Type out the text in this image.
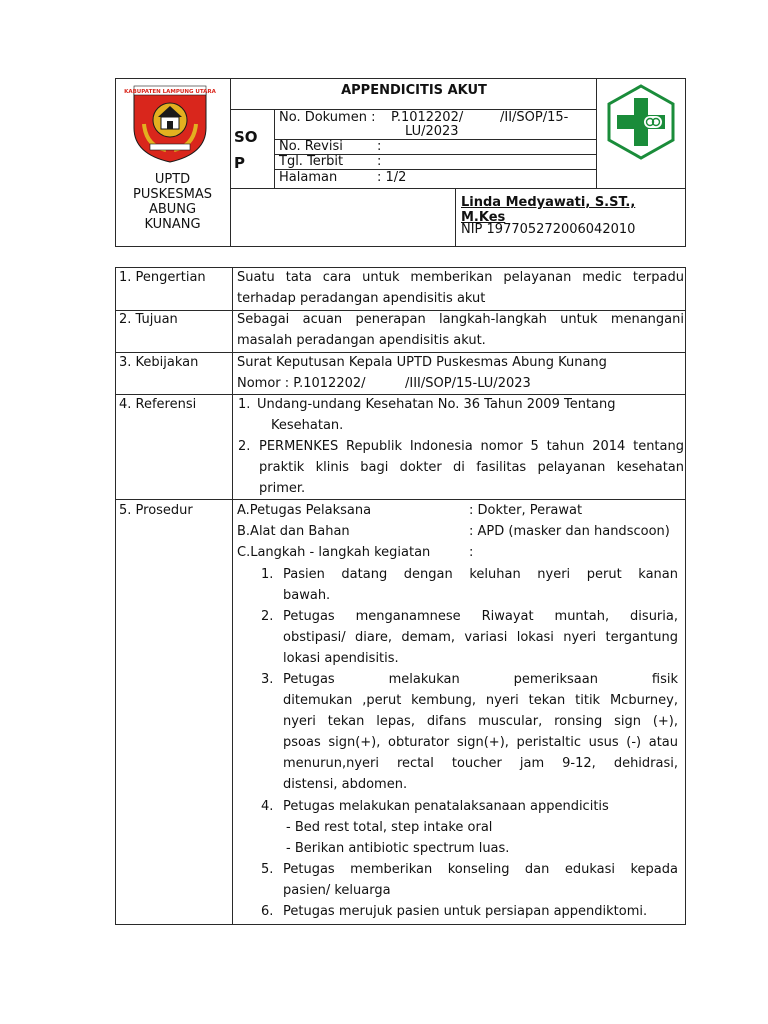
KABUPATEN LAMPUNG UTARA
UPTD
PUSKESMAS
ABUNG
KUNANG
APPENDICITIS AKUT
SO
P
No. Dokumen : P.1012202/	/II/SOP/15-
LU/2023
No. Revisi	:
Tgl. Terbit	:
Halaman	: 1/2
Linda Medyawati, S.ST.,
M.Kes
NIP 197705272006042010
1. Pengertian Suatu tata cara untuk memberikan pelayanan medic terpadu
terhadap peradangan apendisitis akut
2. Tujuan	Sebagai acuan penerapan langkah-langkah untuk menangani
masalah peradangan apendisitis akut.
3. Kebijakan	Surat Keputusan Kepala UPTD Puskesmas Abung Kunang
Nomor : P.1012202/	/III/SOP/15-LU/2023
4. Referensi	1. Undang-undang Kesehatan No. 36 Tahun 2009 Tentang
Kesehatan.
2. PERMENKES Republik Indonesia nomor 5 tahun 2014 tentang
praktik klinis bagi dokter di fasilitas pelayanan kesehatan
primer.
5. Prosedur	A.Petugas Pelaksana	: Dokter, Perawat
B.Alat dan Bahan	: APD (masker dan handscoon)
C.Langkah - langkah kegiatan	:
1. Pasien datang dengan keluhan nyeri perut kanan
bawah.
2. Petugas menganamnese Riwayat muntah, disuria,
obstipasi/ diare, demam, variasi lokasi nyeri tergantung
lokasi apendisitis.
3. Petugas melakukan pemeriksaan fisik
ditemukan ,perut kembung, nyeri tekan titik Mcburney,
nyeri tekan lepas, difans muscular, ronsing sign (+),
psoas sign(+), obturator sign(+), peristaltic usus (-) atau
menurun,nyeri rectal toucher jam 9-12, dehidrasi,
distensi, abdomen.
4. Petugas melakukan penatalaksanaan appendicitis
- Bed rest total, step intake oral
- Berikan antibiotic spectrum luas.
5. Petugas memberikan konseling dan edukasi kepada
pasien/ keluarga
6. Petugas merujuk pasien untuk persiapan appendiktomi.
